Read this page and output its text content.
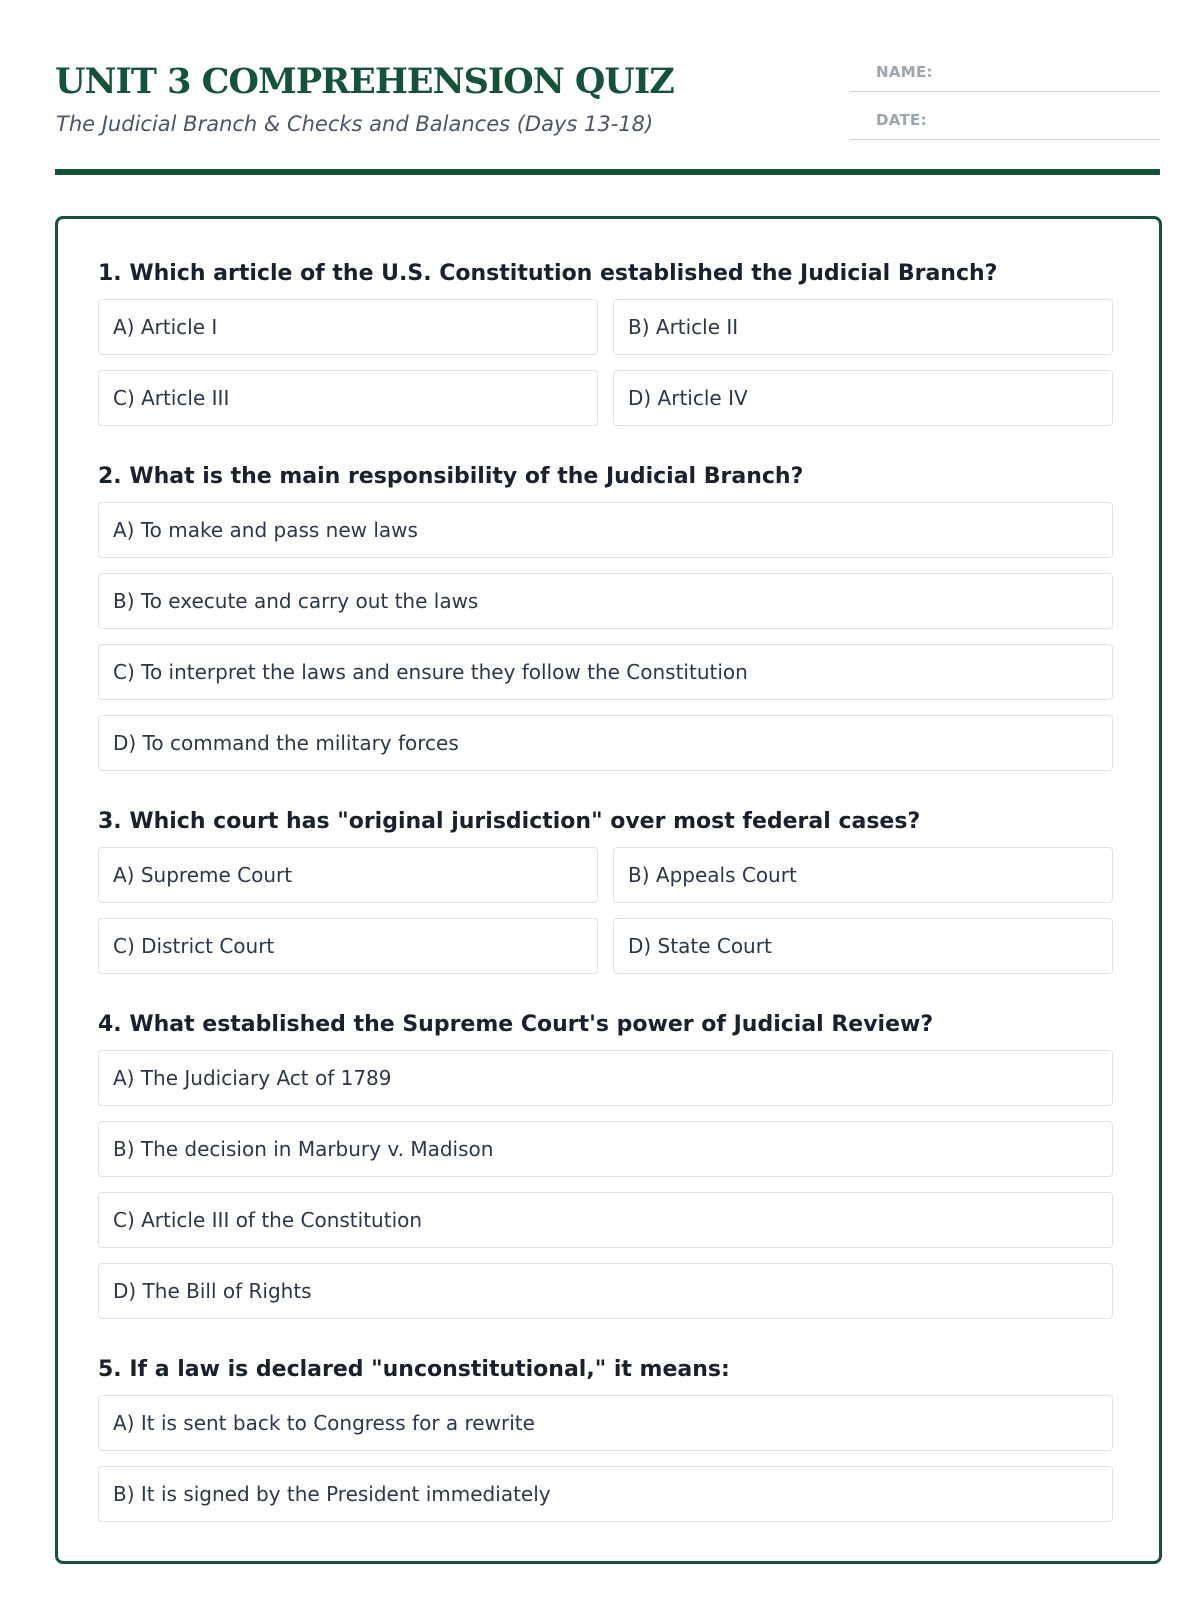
UNIT 3 COMPREHENSION QUIZ
The Judicial Branch & Checks and Balances (Days 13-18)
NAME:
DATE:
1. Which article of the U.S. Constitution established the Judicial Branch?
A) Article I	B) Article II
C) Article III	D) Article IV
2. What is the main responsibility of the Judicial Branch?
A) To make and pass new laws
B) To execute and carry out the laws
C) To interpret the laws and ensure they follow the Constitution
D) To command the military forces
3. Which court has "original jurisdiction" over most federal cases?
A) Supreme Court	B) Appeals Court
C) District Court	D) State Court
4. What established the Supreme Court's power of Judicial Review?
A) The Judiciary Act of 1789
B) The decision in Marbury v. Madison
C) Article III of the Constitution
D) The Bill of Rights
5. If a law is declared "unconstitutional," it means:
A) It is sent back to Congress for a rewrite
B) It is signed by the President immediately
